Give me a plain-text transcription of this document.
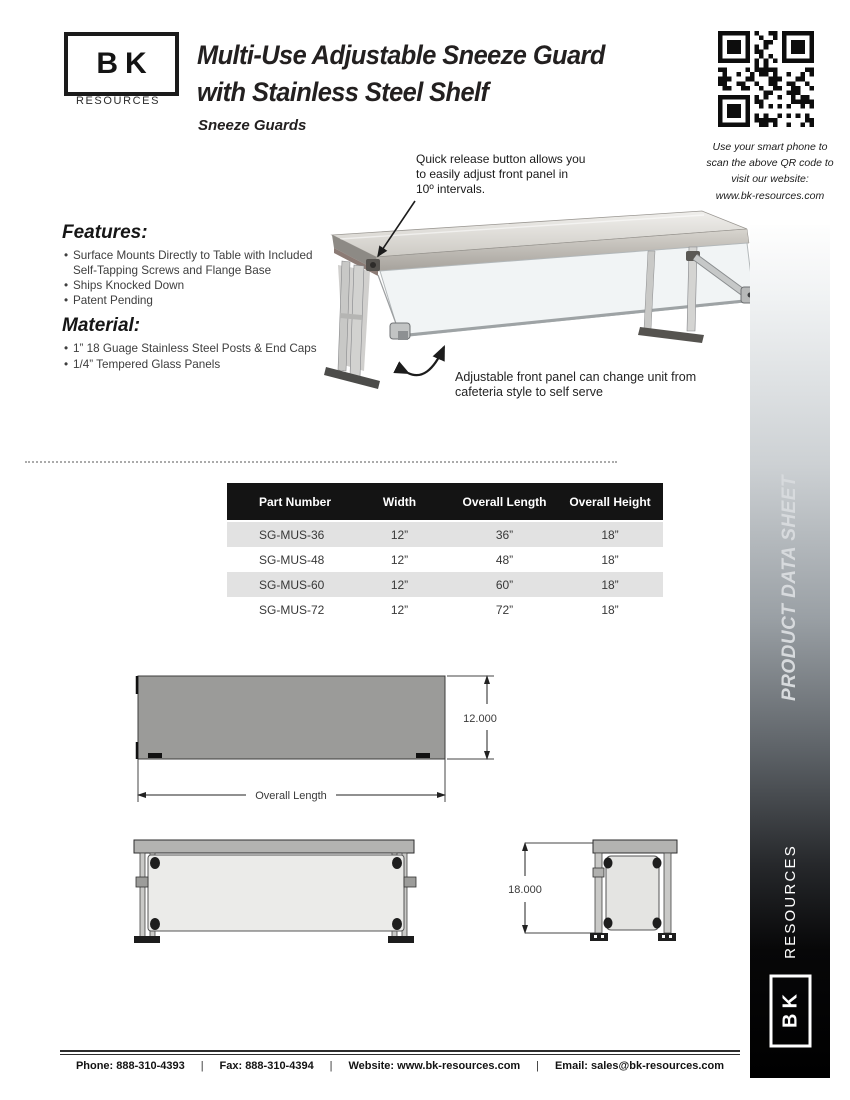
BK
RESOURCES
Multi-Use Adjustable Sneeze Guard
with Stainless Steel Shelf
Sneeze Guards
Use your smart phone to
scan the above QR code to
visit our website:
www.bk-resources.com
Features:
• Surface Mounts Directly to Table with Included Self-Tapping Screws and Flange Base
• Ships Knocked Down
• Patent Pending
Material:
• 1” 18 Guage Stainless Steel Posts & End Caps
• 1/4” Tempered Glass Panels
Quick release button allows you
to easily adjust front panel in
10º intervals.
Adjustable front panel can change unit from
cafeteria style to self serve
Part Number	Width	Overall Length	Overall Height
SG-MUS-36	12”	36”	18”
SG-MUS-48	12”	48”	18”
SG-MUS-60	12”	60”	18”
SG-MUS-72	12”	72”	18”
12.000
Overall Length
18.000
PRODUCT DATA SHEET
RESOURCES
BK
Phone: 888-310-4393 | Fax: 888-310-4394 | Website: www.bk-resources.com | Email: sales@bk-resources.com
